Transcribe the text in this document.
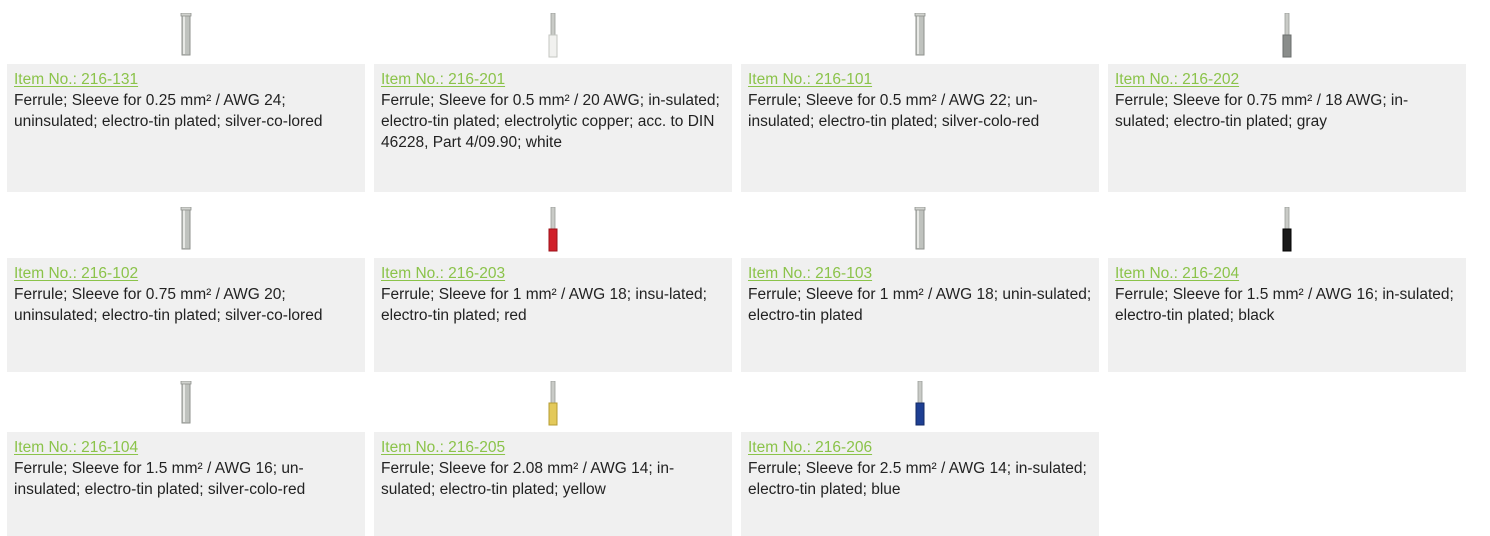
Item No.: 216-131
Ferrule; Sleeve for 0.25 mm² / AWG 24; uninsulated; electro-tin plated; silver-co-lored
Item No.: 216-201
Ferrule; Sleeve for 0.5 mm² / 20 AWG; in-sulated; electro-tin plated; electrolytic copper; acc. to DIN 46228, Part 4/09.90; white
Item No.: 216-101
Ferrule; Sleeve for 0.5 mm² / AWG 22; un-insulated; electro-tin plated; silver-colo-red
Item No.: 216-202
Ferrule; Sleeve for 0.75 mm² / 18 AWG; in-sulated; electro-tin plated; gray
Item No.: 216-102
Ferrule; Sleeve for 0.75 mm² / AWG 20; uninsulated; electro-tin plated; silver-co-lored
Item No.: 216-203
Ferrule; Sleeve for 1 mm² / AWG 18; insu-lated; electro-tin plated; red
Item No.: 216-103
Ferrule; Sleeve for 1 mm² / AWG 18; unin-sulated; electro-tin plated
Item No.: 216-204
Ferrule; Sleeve for 1.5 mm² / AWG 16; in-sulated; electro-tin plated; black
Item No.: 216-104
Ferrule; Sleeve for 1.5 mm² / AWG 16; un-insulated; electro-tin plated; silver-colo-red
Item No.: 216-205
Ferrule; Sleeve for 2.08 mm² / AWG 14; in-sulated; electro-tin plated; yellow
Item No.: 216-206
Ferrule; Sleeve for 2.5 mm² / AWG 14; in-sulated; electro-tin plated; blue
